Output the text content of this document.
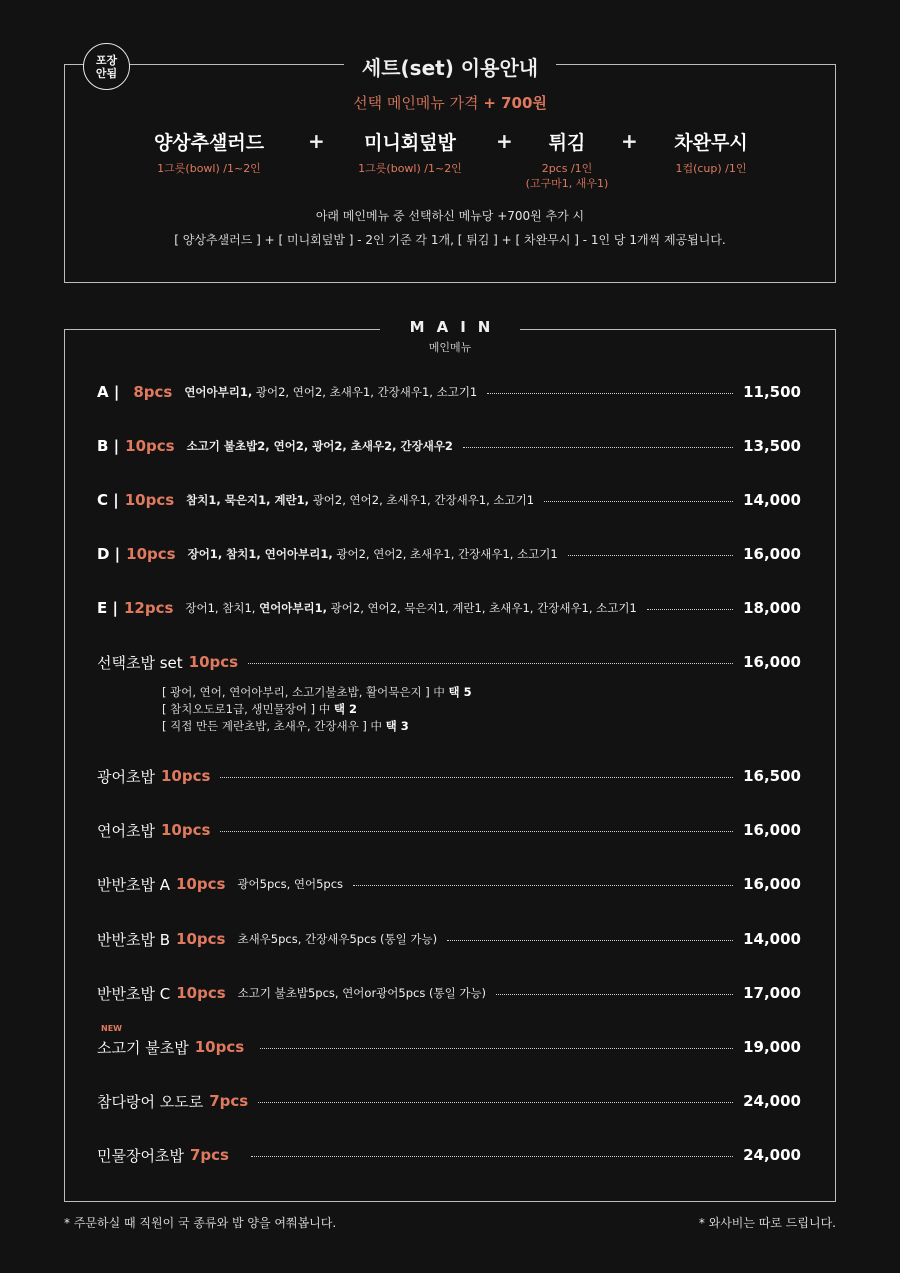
포장
안됨	세트(set) 이용안내
선택 메인메뉴 가격 + 700원
양상추샐러드
1그릇(bowl) /1~2인
+	미니회덮밥
1그릇(bowl) /1~2인
+	튀김
2pcs /1인
(고구마1, 새우1)
+	차완무시
1컵(cup) /1인
아래 메인메뉴 중 선택하신 메뉴당 +700원 추가 시
[ 양상추샐러드 ] + [ 미니회덮밥 ] - 2인 기준 각 1개, [ 튀김 ] + [ 차완무시 ] - 1인 당 1개씩 제공됩니다.
MAIN
메인메뉴
A | 8pcs 연어아부리1, 광어2, 연어2, 초새우1, 간장새우1, 소고기1	11,500
B | 10pcs 소고기 불초밥2, 연어2, 광어2, 초새우2, 간장새우2	13,500
C | 10pcs 참치1, 묵은지1, 계란1, 광어2, 연어2, 초새우1, 간장새우1, 소고기1	14,000
D | 10pcs 장어1, 참치1, 연어아부리1, 광어2, 연어2, 초새우1, 간장새우1, 소고기1	16,000
E | 12pcs 장어1, 참치1, 연어아부리1, 광어2, 연어2, 묵은지1, 계란1, 초새우1, 간장새우1, 소고기1	18,000
선택초밥 set 10pcs	16,000
[ 광어, 연어, 연어아부리, 소고기불초밥, 활어묵은지 ] 中 택 5
[ 참치오도로1급, 생민물장어 ] 中 택 2
[ 직접 만든 계란초밥, 초새우, 간장새우 ] 中 택 3
광어초밥 10pcs	16,500
연어초밥 10pcs	16,000
반반초밥 A 10pcs 광어5pcs, 연어5pcs	16,000
반반초밥 B 10pcs 초새우5pcs, 간장새우5pcs (통일 가능)	14,000
반반초밥 C 10pcs 소고기 불초밥5pcs, 연어or광어5pcs (통일 가능)	17,000
NEW
소고기 불초밥 10pcs	19,000
참다랑어 오도로 7pcs	24,000
민물장어초밥 7pcs	24,000
* 주문하실 때 직원이 국 종류와 밥 양을 여쭤봅니다.	* 와사비는 따로 드립니다.
